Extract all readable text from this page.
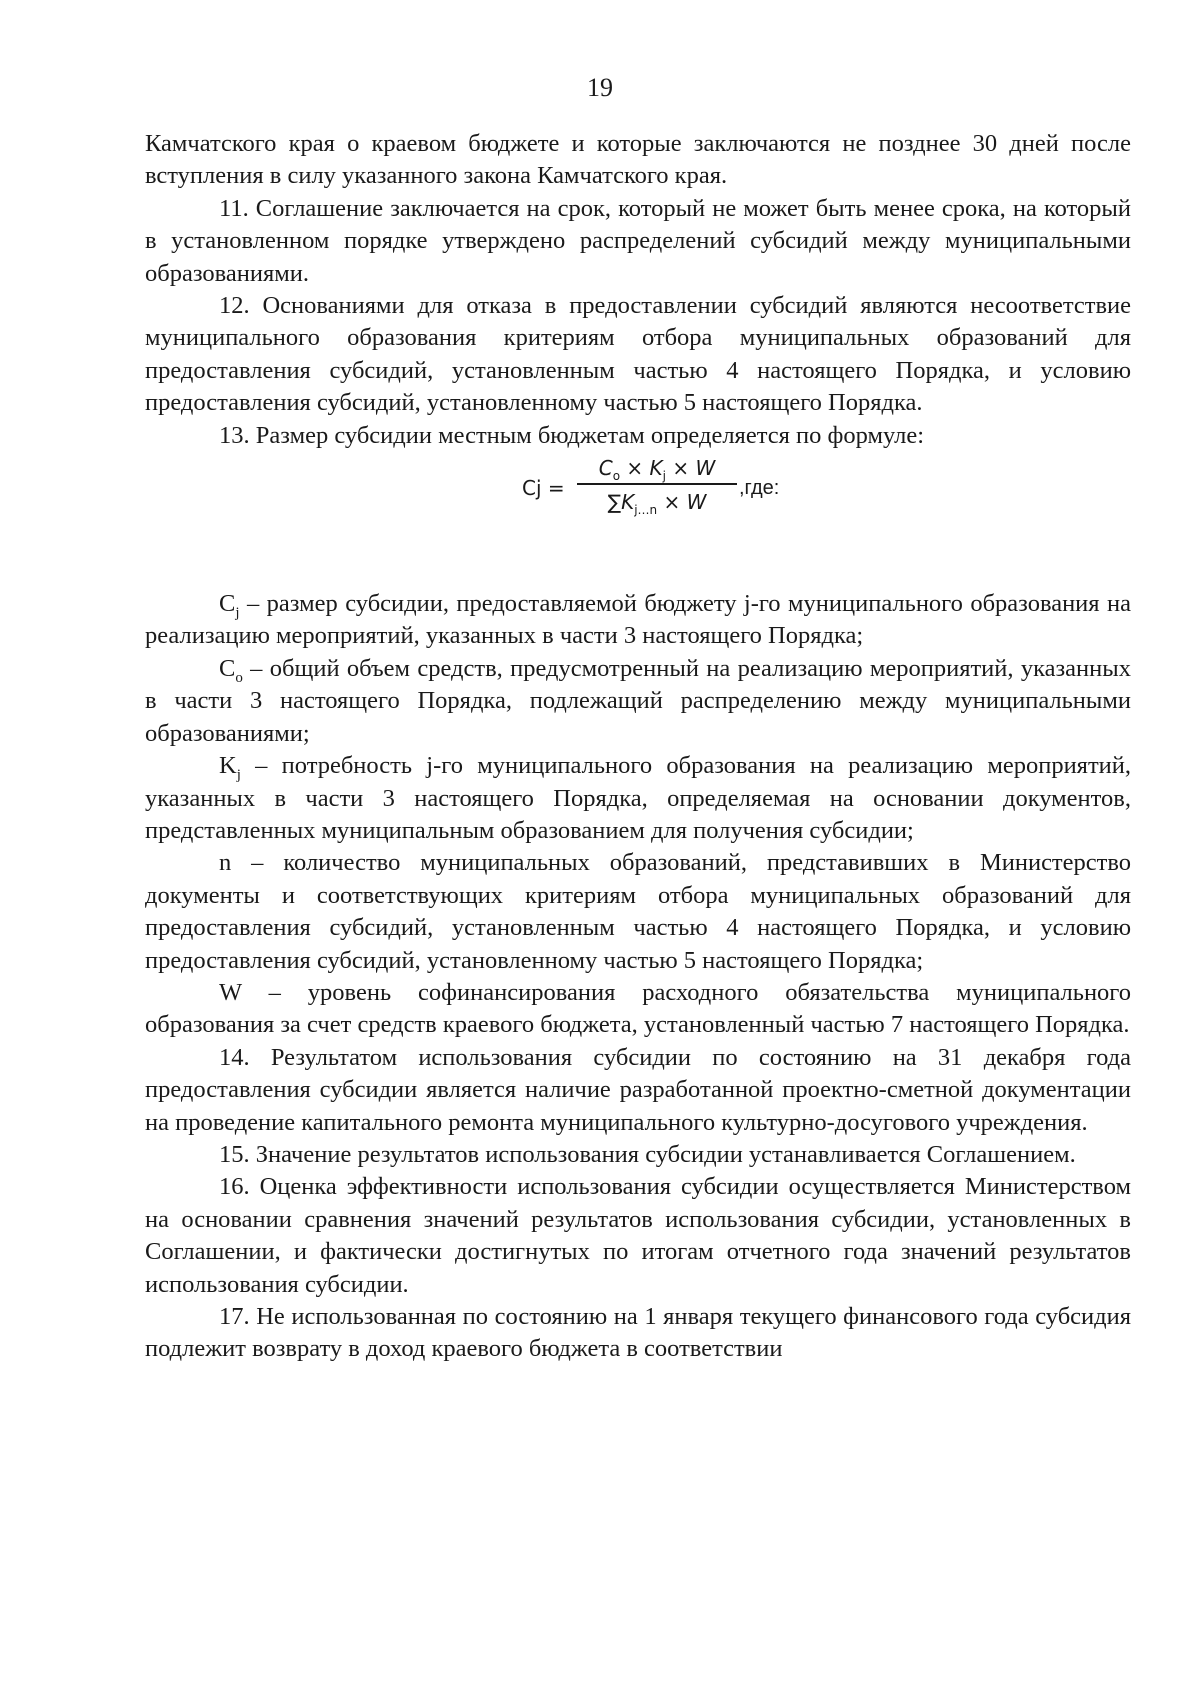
19

Камчатского края о краевом бюджете и которые заключаются не позднее 30 дней после вступления в силу указанного закона Камчатского края.

11. Соглашение заключается на срок, который не может быть менее срока, на который в установленном порядке утверждено распределений субсидий между муниципальными образованиями.

12. Основаниями для отказа в предоставлении субсидий являются несоответствие муниципального образования критериям отбора муниципальных образований для предоставления субсидий, установленным частью 4 настоящего Порядка, и условию предоставления субсидий, установленному частью 5 настоящего Порядка.

13. Размер субсидии местным бюджетам определяется по формуле:

Cj =
$C_o \times K_j \times W$
$\sum K_{j\dots n} \times W$
,где:

$C_j$ – размер субсидии, предоставляемой бюджету j-го муниципального образования на реализацию мероприятий, указанных в части 3 настоящего Порядка;

$C_o$ – общий объем средств, предусмотренный на реализацию мероприятий, указанных в части 3 настоящего Порядка, подлежащий распределению между муниципальными образованиями;

$K_j$ – потребность j-го муниципального образования на реализацию мероприятий, указанных в части 3 настоящего Порядка, определяемая на основании документов, представленных муниципальным образованием для получения субсидии;

n – количество муниципальных образований, представивших в Министерство документы и соответствующих критериям отбора муниципальных образований для предоставления субсидий, установленным частью 4 настоящего Порядка, и условию предоставления субсидий, установленному частью 5 настоящего Порядка;

W – уровень софинансирования расходного обязательства муниципального образования за счет средств краевого бюджета, установленный частью 7 настоящего Порядка.

14. Результатом использования субсидии по состоянию на 31 декабря года предоставления субсидии является наличие разработанной проектно-сметной документации на проведение капитального ремонта муниципального культурно-досугового учреждения.

15. Значение результатов использования субсидии устанавливается Соглашением.

16. Оценка эффективности использования субсидии осуществляется Министерством на основании сравнения значений результатов использования субсидии, установленных в Соглашении, и фактически достигнутых по итогам отчетного года значений результатов использования субсидии.

17. Не использованная по состоянию на 1 января текущего финансового года субсидия подлежит возврату в доход краевого бюджета в соответствии
